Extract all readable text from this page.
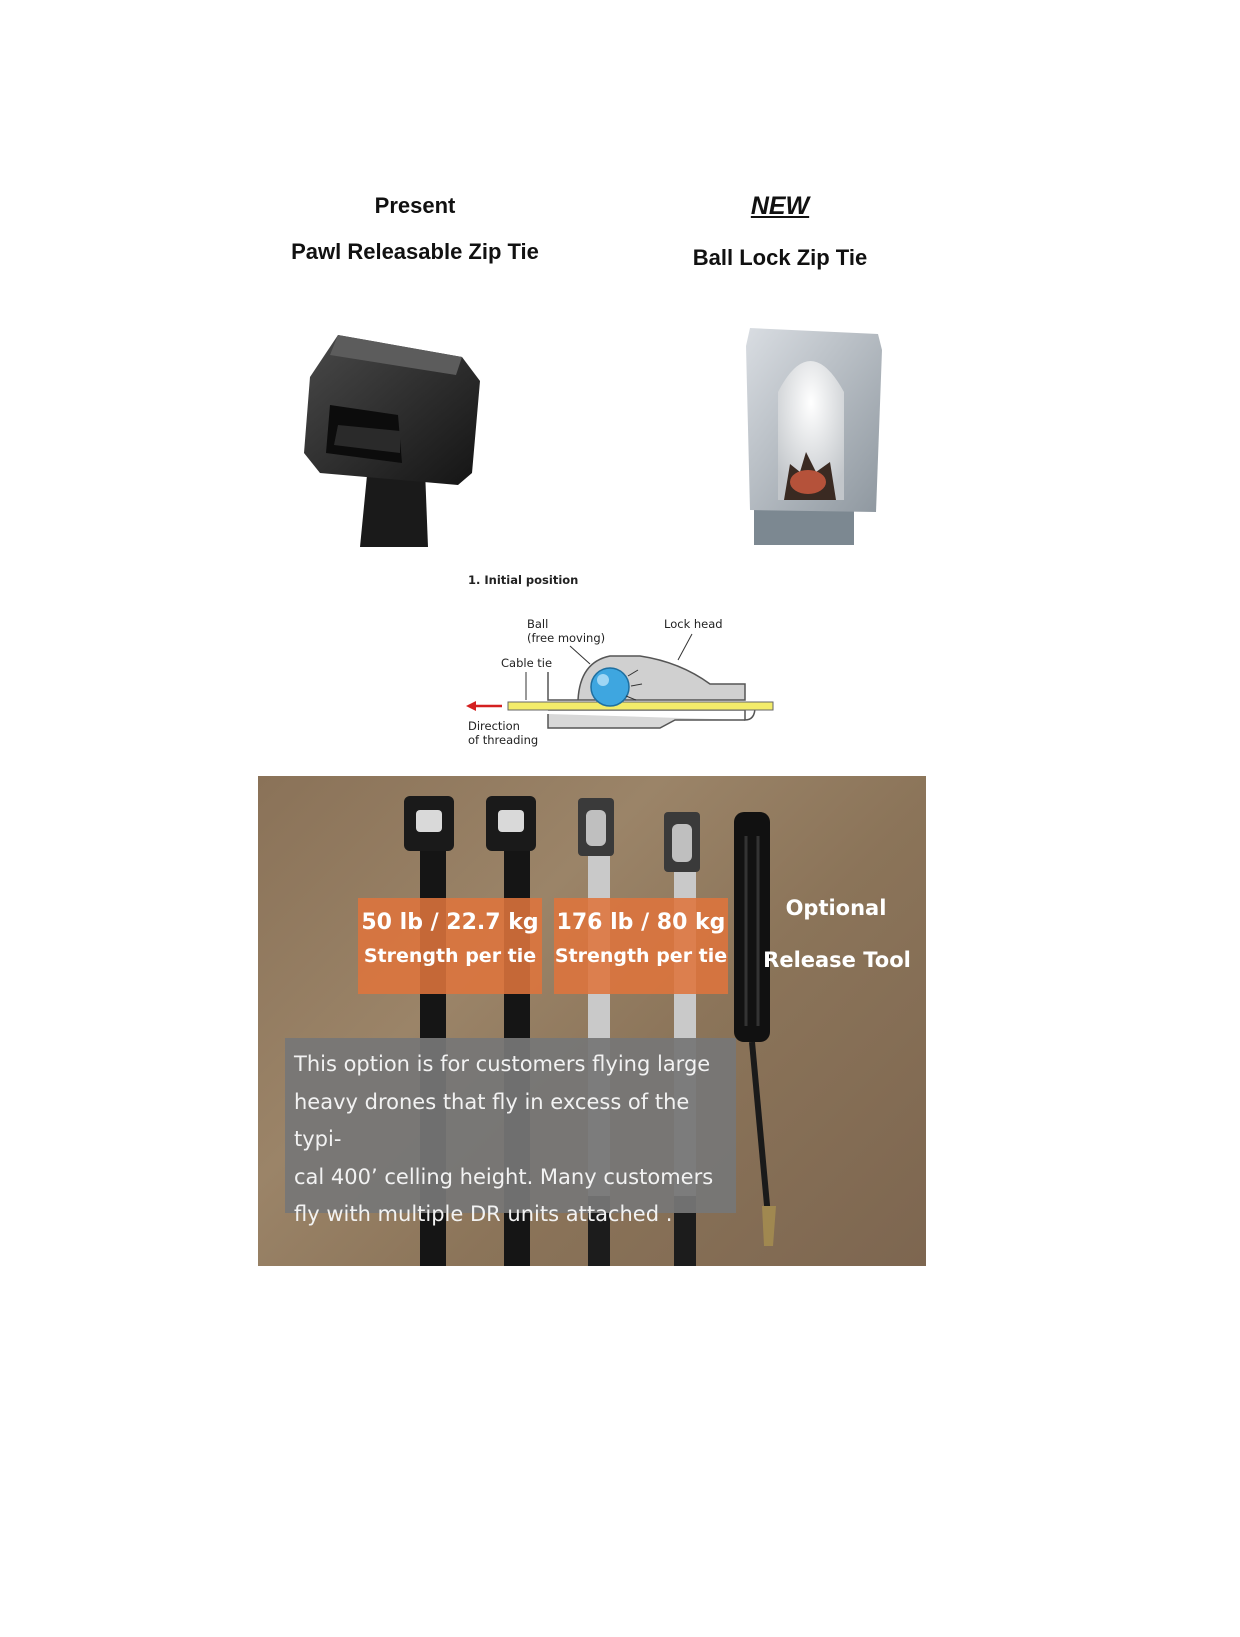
Present
Pawl Releasable Zip Tie
NEW
Ball Lock Zip Tie
1. Initial position
Ball
(free moving)
Lock head
Cable tie
Direction
of threading
50 lb / 22.7 kg
Strength per tie
176 lb / 80 kg
Strength per tie
Optional
Release Tool
This option is for customers flying large
heavy drones that fly in excess of the typi-
cal 400’ celling height. Many customers
fly with multiple DR units attached .
